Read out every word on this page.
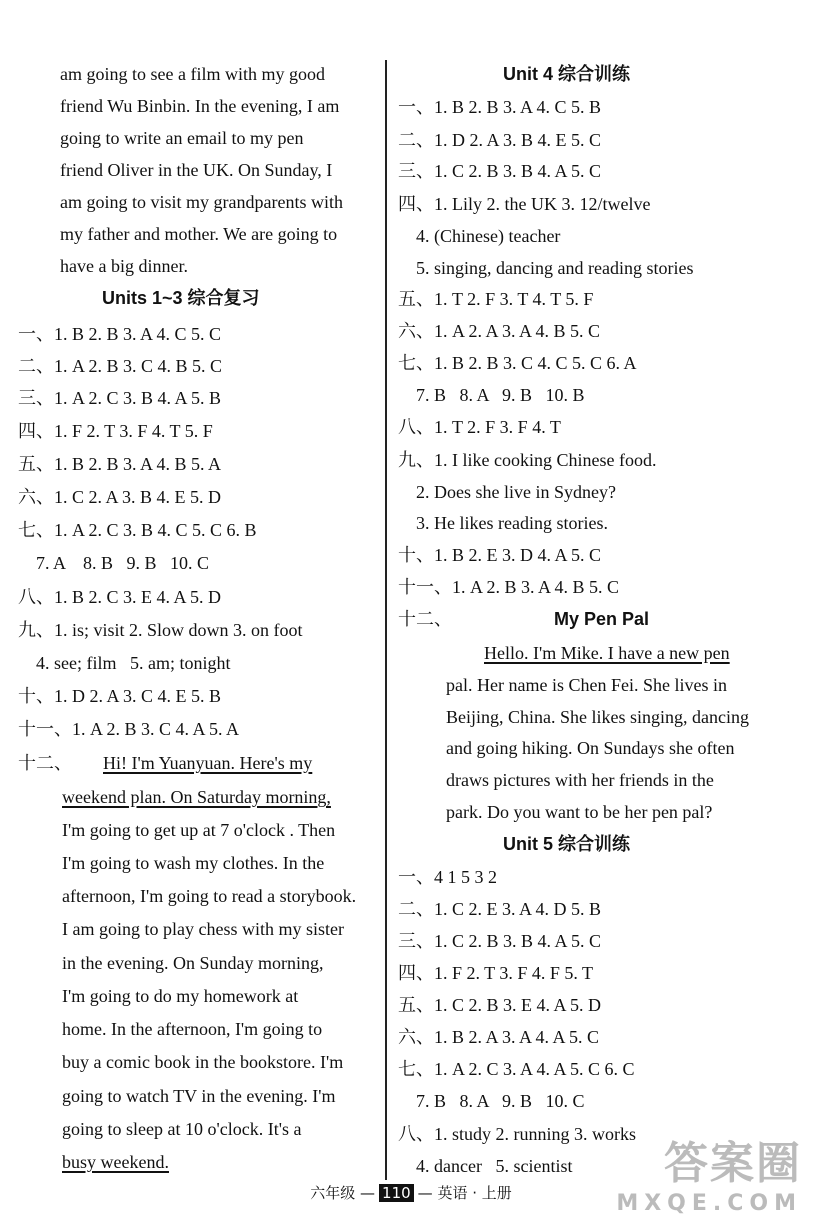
am going to see a film with my good
friend Wu Binbin. In the evening, I am
going to write an email to my pen
friend Oliver in the UK. On Sunday, I
am going to visit my grandparents with
my father and mother. We are going to
have a big dinner.
Units 1~3 综合复习
一、1. B 2. B 3. A 4. C 5. C
二、1. A 2. B 3. C 4. B 5. C
三、1. A 2. C 3. B 4. A 5. B
四、1. F 2. T 3. F 4. T 5. F
五、1. B 2. B 3. A 4. B 5. A
六、1. C 2. A 3. B 4. E 5. D
七、1. A 2. C 3. B 4. C 5. C 6. B
7. A    8. B   9. B   10. C
八、1. B 2. C 3. E 4. A 5. D
九、1. is; visit 2. Slow down 3. on foot
4. see; film   5. am; tonight
十、1. D 2. A 3. C 4. E 5. B
十一、1. A 2. B 3. C 4. A 5. A
十二、 Hi! I'm Yuanyuan. Here's my
weekend plan. On Saturday morning,
I'm going to get up at 7 o'clock . Then
I'm going to wash my clothes. In the
afternoon, I'm going to read a storybook.
I am going to play chess with my sister
in the evening. On Sunday morning,
I'm going to do my homework at
home. In the afternoon, I'm going to
buy a comic book in the bookstore. I'm
going to watch TV in the evening. I'm
going to sleep at 10 o'clock. It's a
busy weekend.
Unit 4 综合训练
一、1. B 2. B 3. A 4. C 5. B
二、1. D 2. A 3. B 4. E 5. C
三、1. C 2. B 3. B 4. A 5. C
四、1. Lily 2. the UK 3. 12/twelve
4. (Chinese) teacher
5. singing, dancing and reading stories
五、1. T 2. F 3. T 4. T 5. F
六、1. A 2. A 3. A 4. B 5. C
七、1. B 2. B 3. C 4. C 5. C 6. A
7. B   8. A   9. B   10. B
八、1. T 2. F 3. F 4. T
九、1. I like cooking Chinese food.
2. Does she live in Sydney?
3. He likes reading stories.
十、1. B 2. E 3. D 4. A 5. C
十一、1. A 2. B 3. A 4. B 5. C
十二、	My Pen Pal
Hello. I'm Mike. I have a new pen
pal. Her name is Chen Fei. She lives in
Beijing, China. She likes singing, dancing
and going hiking. On Sundays she often
draws pictures with her friends in the
park. Do you want to be her pen pal?
Unit 5 综合训练
一、4 1 5 3 2
二、1. C 2. E 3. A 4. D 5. B
三、1. C 2. B 3. B 4. A 5. C
四、1. F 2. T 3. F 4. F 5. T
五、1. C 2. B 3. E 4. A 5. D
六、1. B 2. A 3. A 4. A 5. C
七、1. A 2. C 3. A 4. A 5. C 6. C
7. B   8. A   9. B   10. C
八、1. study 2. running 3. works
4. dancer   5. scientist
六年级 — 110 — 英语 · 上册
答案圈
MXQE.COM
